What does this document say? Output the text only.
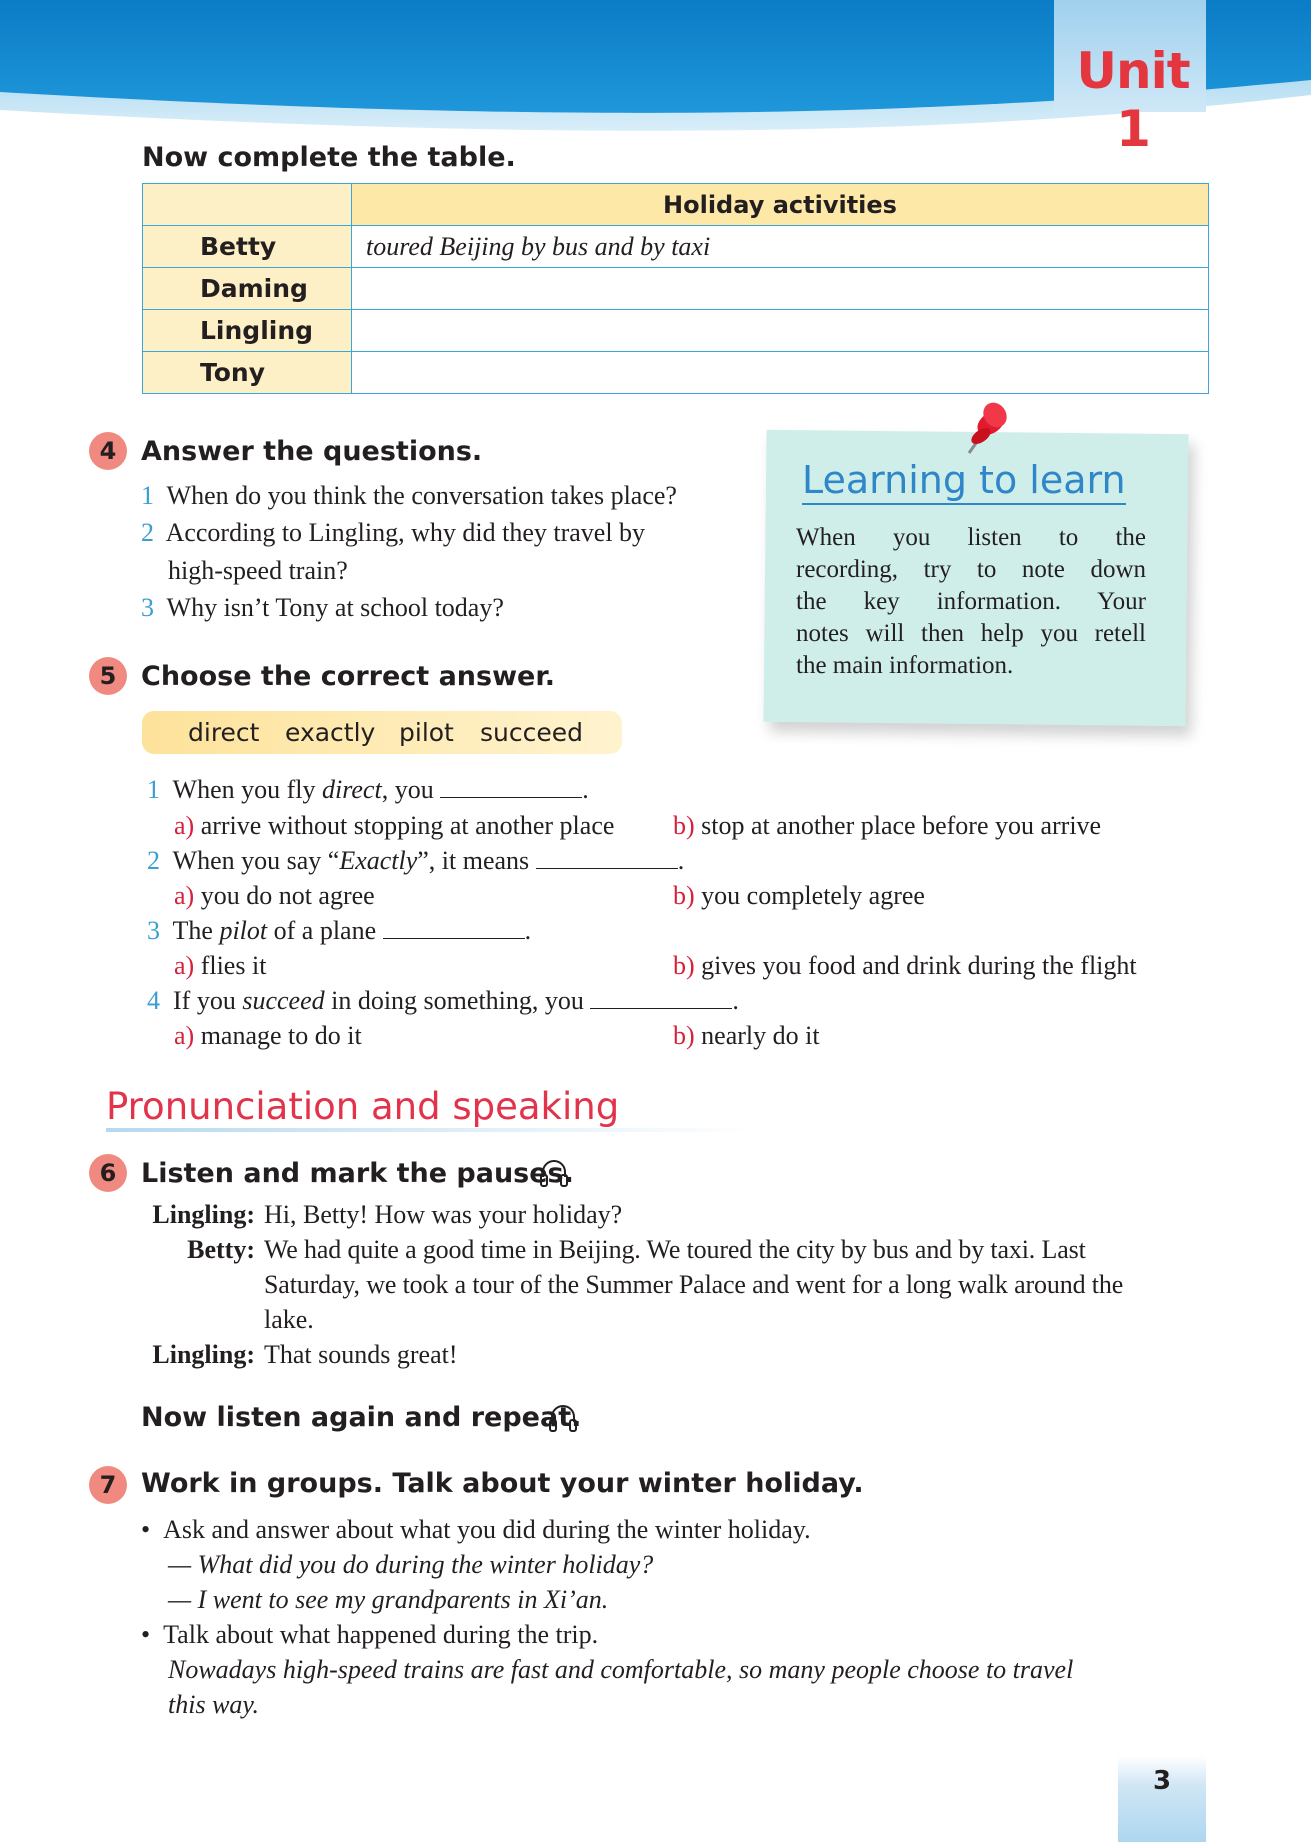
Unit 1
Now complete the table.
	Holiday activities
Betty	toured Beijing by bus and by taxi
Daming	
Lingling	
Tony	
4 Answer the questions.
1 When do you think the conversation takes place?
2 According to Lingling, why did they travel by
high-speed train?
3 Why isn’t Tony at school today?
Learning to learn
When you listen to the
recording, try to note down
the key information. Your
notes will then help you retell
the main information.
5 Choose the correct answer.
direct exactly pilot succeed
1 When you fly direct, you	.
a) arrive without stopping at another place b) stop at another place before you arrive
2 When you say “Exactly”, it means	.
a) you do not agree	b) you completely agree
3 The pilot of a plane	.
a) flies it	b) gives you food and drink during the flight
4 If you succeed in doing something, you	.
a) manage to do it	b) nearly do it
Pronunciation and speaking
6 Listen and mark the pauses.
Lingling: Hi, Betty! How was your holiday?
Betty: We had quite a good time in Beijing. We toured the city by bus and by taxi. Last
Saturday, we took a tour of the Summer Palace and went for a long walk around the
lake.
Lingling: That sounds great!
Now listen again and repeat.
7 Work in groups. Talk about your winter holiday.
•  Ask and answer about what you did during the winter holiday.
— What did you do during the winter holiday?
— I went to see my grandparents in Xi’an.
•  Talk about what happened during the trip.
Nowadays high-speed trains are fast and comfortable, so many people choose to travel
this way.
3
